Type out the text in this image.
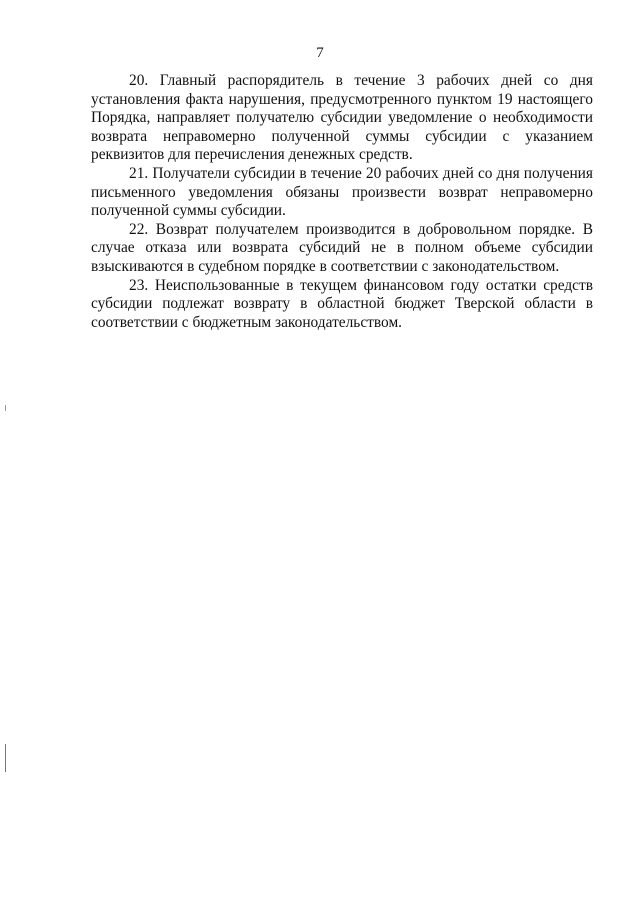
7

20. Главный распорядитель в течение 3 рабочих дней со дня установления факта нарушения, предусмотренного пунктом 19 настоящего Порядка, направляет получателю субсидии уведомление о необходимости возврата неправомерно полученной суммы субсидии с указанием реквизитов для перечисления денежных средств.

21. Получатели субсидии в течение 20 рабочих дней со дня получения письменного уведомления обязаны произвести возврат неправомерно полученной суммы субсидии.

22. Возврат получателем производится в добровольном порядке. В случае отказа или возврата субсидий не в полном объеме субсидии взыскиваются в судебном порядке в соответствии с законодательством.

23. Неиспользованные в текущем финансовом году остатки средств субсидии подлежат возврату в областной бюджет Тверской области в соответствии с бюджетным законодательством.
